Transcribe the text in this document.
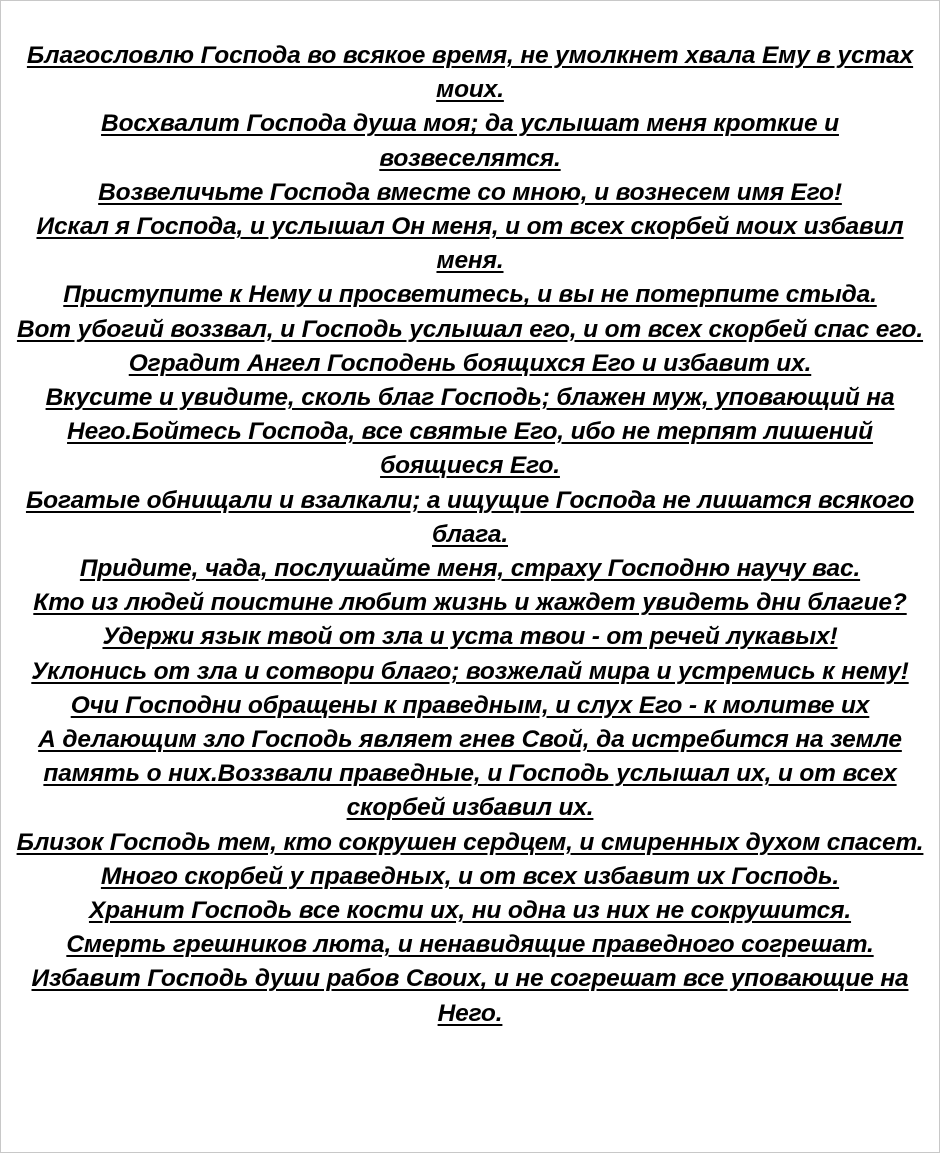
Благословлю Господа во всякое время, не умолкнет хвала Ему в устах моих.
Восхвалит Господа душа моя; да услышат меня кроткие и возвеселятся.
Возвеличьте Господа вместе со мною, и вознесем имя Его!
Искал я Господа, и услышал Он меня, и от всех скорбей моих избавил меня.
Приступите к Нему и просветитесь, и вы не потерпите стыда.
Вот убогий воззвал, и Господь услышал его, и от всех скорбей спас его.
Оградит Ангел Господень боящихся Его и избавит их.
Вкусите и увидите, сколь благ Господь; блажен муж, уповающий на Него.Бойтесь Господа, все святые Его, ибо не терпят лишений боящиеся Его.
Богатые обнищали и взалкали; а ищущие Господа не лишатся всякого блага.
Придите, чада, послушайте меня, страху Господню научу вас.
Кто из людей поистине любит жизнь и жаждет увидеть дни благие?
Удержи язык твой от зла и уста твои - от речей лукавых!
Уклонись от зла и сотвори благо; возжелай мира и устремись к нему!
Очи Господни обращены к праведным, и слух Его - к молитве их
А делающим зло Господь являет гнев Свой, да истребится на земле память о них.Воззвали праведные, и Господь услышал их, и от всех скорбей избавил их.
Близок Господь тем, кто сокрушен сердцем, и смиренных духом спасет.
Много скорбей у праведных, и от всех избавит их Господь.
Хранит Господь все кости их, ни одна из них не сокрушится.
Смерть грешников люта, и ненавидящие праведного согрешат.
Избавит Господь души рабов Своих, и не согрешат все уповающие на Него.
